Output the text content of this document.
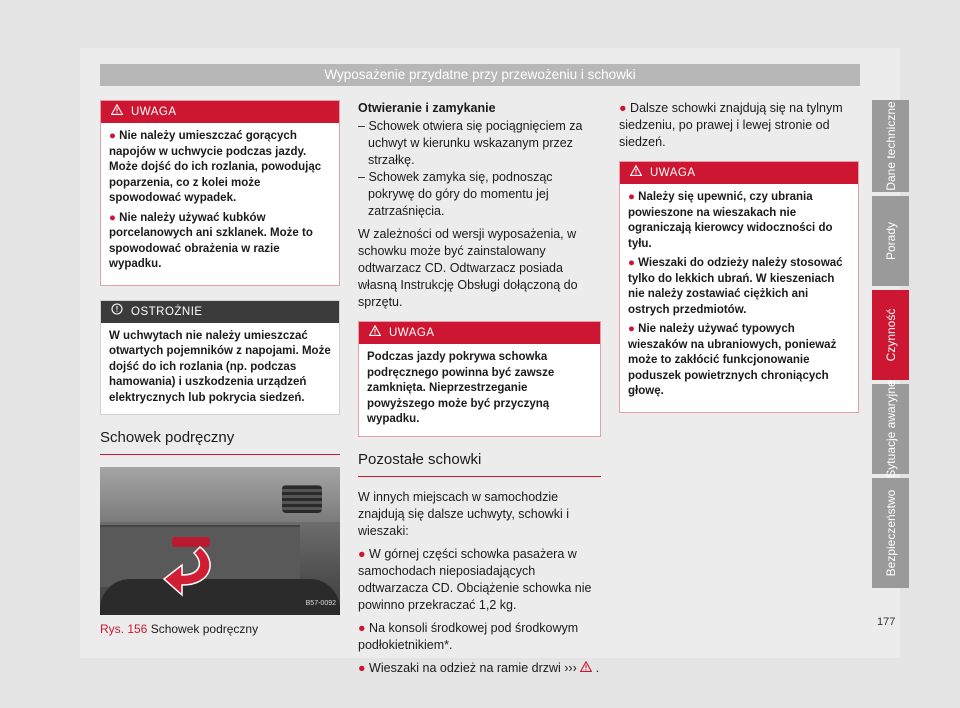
Wyposażenie przydatne przy przewożeniu i schowki
UWAGA

● Nie należy umieszczać gorących napojów w uchwycie podczas jazdy. Może dojść do ich rozlania, powodując poparzenia, co z kolei może spowodować wypadek.

● Nie należy używać kubków porcelanowych ani szklanek. Może to spowodować obrażenia w razie wypadku.

OSTROŻNIE
W uchwytach nie należy umieszczać otwartych pojemników z napojami. Może dojść do ich rozlania (np. podczas hamowania) i uszkodzenia urządzeń elektrycznych lub pokrycia siedzeń.
Schowek podręczny
B57-0092
Rys. 156 Schowek podręczny
Otwieranie i zamykanie

– Schowek otwiera się pociągnięciem za uchwyt w kierunku wskazanym przez strzałkę.

– Schowek zamyka się, podnosząc pokrywę do góry do momentu jej zatrzaśnięcia.

W zależności od wersji wyposażenia, w schowku może być zainstalowany odtwarzacz CD. Odtwarzacz posiada własną Instrukcję Obsługi dołączoną do sprzętu.

UWAGA
Podczas jazdy pokrywa schowka podręcznego powinna być zawsze zamknięta. Nieprzestrzeganie powyższego może być przyczyną wypadku.
Pozostałe schowki

W innych miejscach w samochodzie znajdują się dalsze uchwyty, schowki i wieszaki:

● W górnej części schowka pasażera w samochodach nieposiadających odtwarzacza CD. Obciążenie schowka nie powinno przekraczać 1,2 kg.

● Na konsoli środkowej pod środkowym podłokietnikiem*.

● Wieszaki na odzież na ramie drzwi ››› .

● Dalsze schowki znajdują się na tylnym siedzeniu, po prawej i lewej stronie od siedzeń.

UWAGA

● Należy się upewnić, czy ubrania powieszone na wieszakach nie ograniczają kierowcy widoczności do tyłu.

● Wieszaki do odzieży należy stosować tylko do lekkich ubrań. W kieszeniach nie należy zostawiać ciężkich ani ostrych przedmiotów.

● Nie należy używać typowych wieszaków na ubraniowych, ponieważ może to zakłócić funkcjonowanie poduszek powietrznych chroniących głowę.

Dane techniczne
Porady
Czynność
Sytuacje awaryjne
Bezpieczeństwo
177
